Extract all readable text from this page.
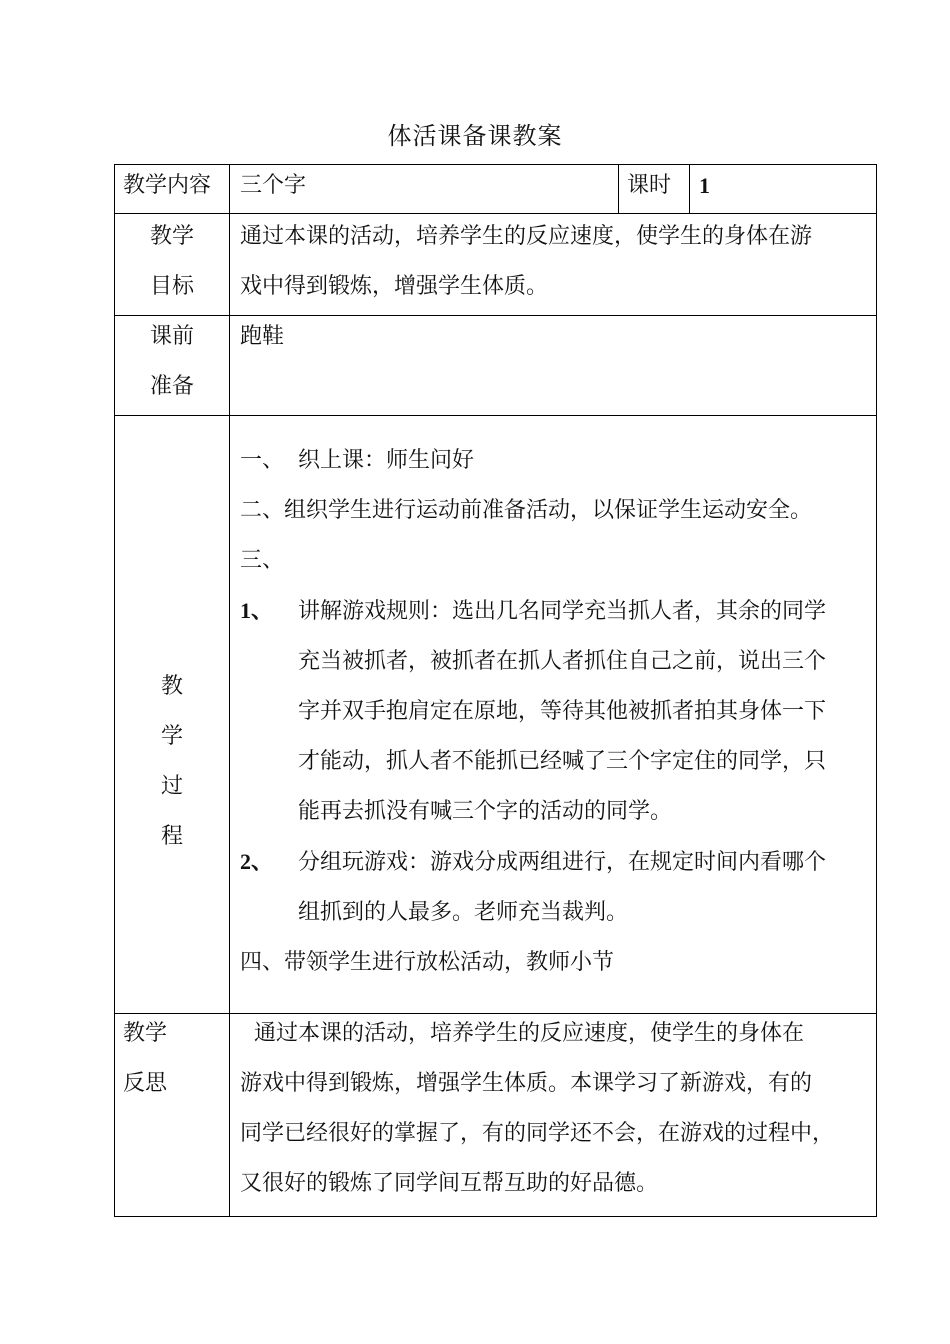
体活课备课教案
教学内容 三个字	课时 1
教学
目标
通过本课的活动，培养学生的反应速度，使学生的身体在游
戏中得到锻炼，增强学生体质。
课前
准备
跑鞋
教
学
过
程
一、  织上课：师生问好
二、组织学生进行运动前准备活动，以保证学生运动安全。
三、
1、 讲解游戏规则：选出几名同学充当抓人者，其余的同学
充当被抓者，被抓者在抓人者抓住自己之前，说出三个
字并双手抱肩定在原地，等待其他被抓者拍其身体一下
才能动，抓人者不能抓已经喊了三个字定住的同学，只
能再去抓没有喊三个字的活动的同学。
2、 分组玩游戏：游戏分成两组进行，在规定时间内看哪个
组抓到的人最多。老师充当裁判。
四、带领学生进行放松活动，教师小节
教学
反思
通过本课的活动，培养学生的反应速度，使学生的身体在
游戏中得到锻炼，增强学生体质。本课学习了新游戏，有的
同学已经很好的掌握了，有的同学还不会，在游戏的过程中，
又很好的锻炼了同学间互帮互助的好品德。
